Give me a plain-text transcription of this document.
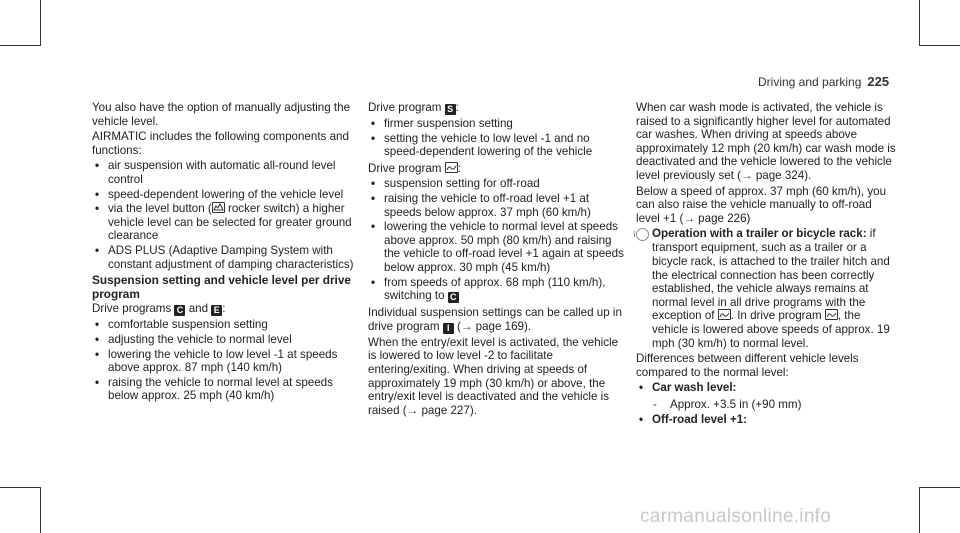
Driving and parking 225

You also have the option of manually adjusting the vehicle level.

AIRMATIC includes the following components and functions:

• air suspension with automatic all-round level control
• speed-dependent lowering of the vehicle level
• via the level button (
rocker switch) a higher vehicle level can be selected for greater ground clearance
• ADS PLUS (Adaptive Damping System with constant adjustment of damping characteristics)
Suspension setting and vehicle level per drive program

Drive programs C and E :

• comfortable suspension setting
• adjusting the vehicle to normal level
• lowering the vehicle to low level -1 at speeds above approx. 87 mph (140 km/h)
• raising the vehicle to normal level at speeds below approx. 25 mph (40 km/h)

Drive program S :

• firmer suspension setting
• setting the vehicle to low level -1 and no speed-dependent lowering of the vehicle

Drive program
:

• suspension setting for off-road
• raising the vehicle to off-road level +1 at speeds below approx. 37 mph (60 km/h)
• lowering the vehicle to normal level at speeds above approx. 50 mph (80 km/h) and raising the vehicle to off-road level +1 again at speeds below approx. 30 mph (45 km/h)
• from speeds of approx. 68 mph (110 km/h), switching to C

Individual suspension settings can be called up in drive program I (→ page 169).

When the entry/exit level is activated, the vehicle is lowered to low level -2 to facilitate entering/exiting. When driving at speeds of approximately 19 mph (30 km/h) or above, the entry/exit level is deactivated and the vehicle is raised (→ page 227).

When car wash mode is activated, the vehicle is raised to a significantly higher level for automated car washes. When driving at speeds above approximately 12 mph (20 km/h) car wash mode is deactivated and the vehicle lowered to the vehicle level previously set (→ page 324).

Below a speed of approx. 37 mph (60 km/h), you can also raise the vehicle manually to off-road level +1 (→ page 226)

i Operation with a trailer or bicycle rack: if transport equipment, such as a trailer or a bicycle rack, is attached to the trailer hitch and the electrical connection has been correctly established, the vehicle always remains at normal level in all drive programs with the exception of
. In drive program
, the vehicle is lowered above speeds of approx. 19 mph (30 km/h) to normal level.

Differences between different vehicle levels compared to the normal level:

• Car wash level:
- Approx. +3.5 in (+90 mm)
• Off-road level +1:
carmanualsonline.info
